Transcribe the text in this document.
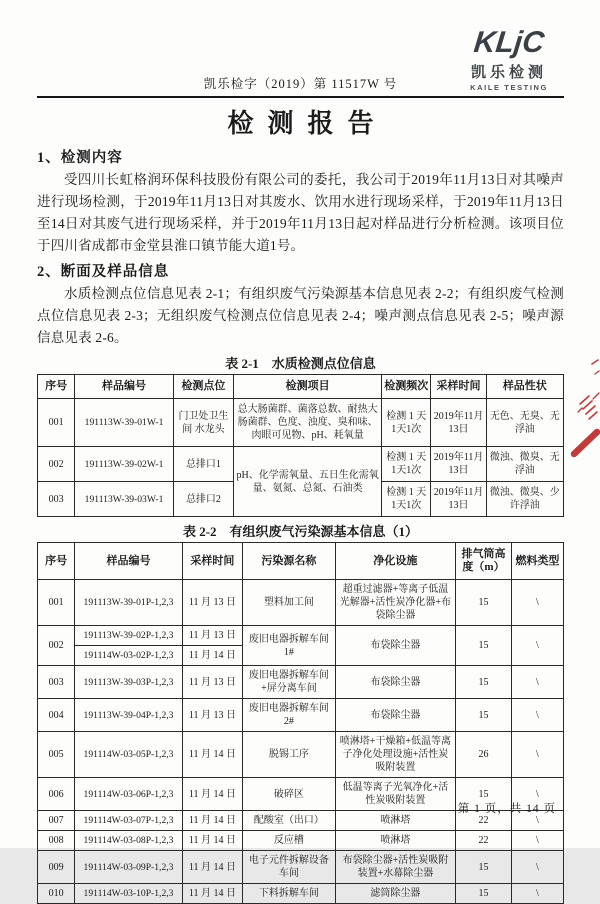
KLjC
凯乐检测
KAILE TESTING
凯乐检字（2019）第 11517W 号
检测报告
1、检测内容
受四川长虹格润环保科技股份有限公司的委托，我公司于2019年11月13日对其噪声进行现场检测，于2019年11月13日对其废水、饮用水进行现场采样，于2019年11月13日至14日对其废气进行现场采样，并于2019年11月13日起对样品进行分析检测。该项目位于四川省成都市金堂县淮口镇节能大道1号。
2、断面及样品信息
水质检测点位信息见表 2-1；有组织废气污染源基本信息见表 2-2；有组织废气检测点位信息见表 2-3；无组织废气检测点位信息见表 2-4；噪声测点信息见表 2-5；噪声源信息见表 2-6。
表 2-1　水质检测点位信息
序号	样品编号	检测点位	检测项目	检测频次	采样时间	样品性状
001	191113W-39-01W-1	门卫处卫生间 水龙头	总大肠菌群、菌落总数、耐热大肠菌群、色度、浊度、臭和味、肉眼可见物、pH、耗氧量	检测 1 天 1天1次	2019年11月 13日	无色、无臭、无浮油
002	191113W-39-02W-1	总排口1	pH、化学需氧量、五日生化需氧量、氨氮、总氮、石油类	检测 1 天 1天1次	2019年11月 13日	微浊、微臭、无浮油
003	191113W-39-03W-1	总排口2		检测 1 天 1天1次	2019年11月 13日	微浊、微臭、少许浮油
表 2-2　有组织废气污染源基本信息（1）
序号	样品编号	采样时间	污染源名称	净化设施	排气筒高度（m）	燃料类型
001	191113W-39-01P-1,2,3	11 月 13 日	塑料加工间	超重过滤器+等离子低温光解器+活性炭净化器+布袋除尘器	15	\
002	191113W-39-02P-1,2,3	11 月 13 日	废旧电器拆解车间1#	布袋除尘器	15	\
	191114W-03-02P-1,2,3	11 月 14 日				
003	191113W-39-03P-1,2,3	11 月 13 日	废旧电器拆解车间+屏分离车间	布袋除尘器	15	\
004	191113W-39-04P-1,2,3	11 月 13 日	废旧电器拆解车间2#	布袋除尘器	15	\
005	191114W-03-05P-1,2,3	11 月 14 日	脱锡工序	喷淋塔+干燥箱+低温等离子净化处理设施+活性炭吸附装置	26	\
006	191114W-03-06P-1,2,3	11 月 14 日	破碎区	低温等离子光氧净化+活性炭吸附装置	15	\
007	191114W-03-07P-1,2,3	11 月 14 日	配酸室（出口）	喷淋塔	22	\
008	191114W-03-08P-1,2,3	11 月 14 日	反应槽	喷淋塔	22	\
009	191114W-03-09P-1,2,3	11 月 14 日	电子元件拆解设备车间	布袋除尘器+活性炭吸附装置+水幕除尘器	15	\
010	191114W-03-10P-1,2,3	11 月 14 日	下料拆解车间	滤筒除尘器	15	\
第 1 页，共 14 页
